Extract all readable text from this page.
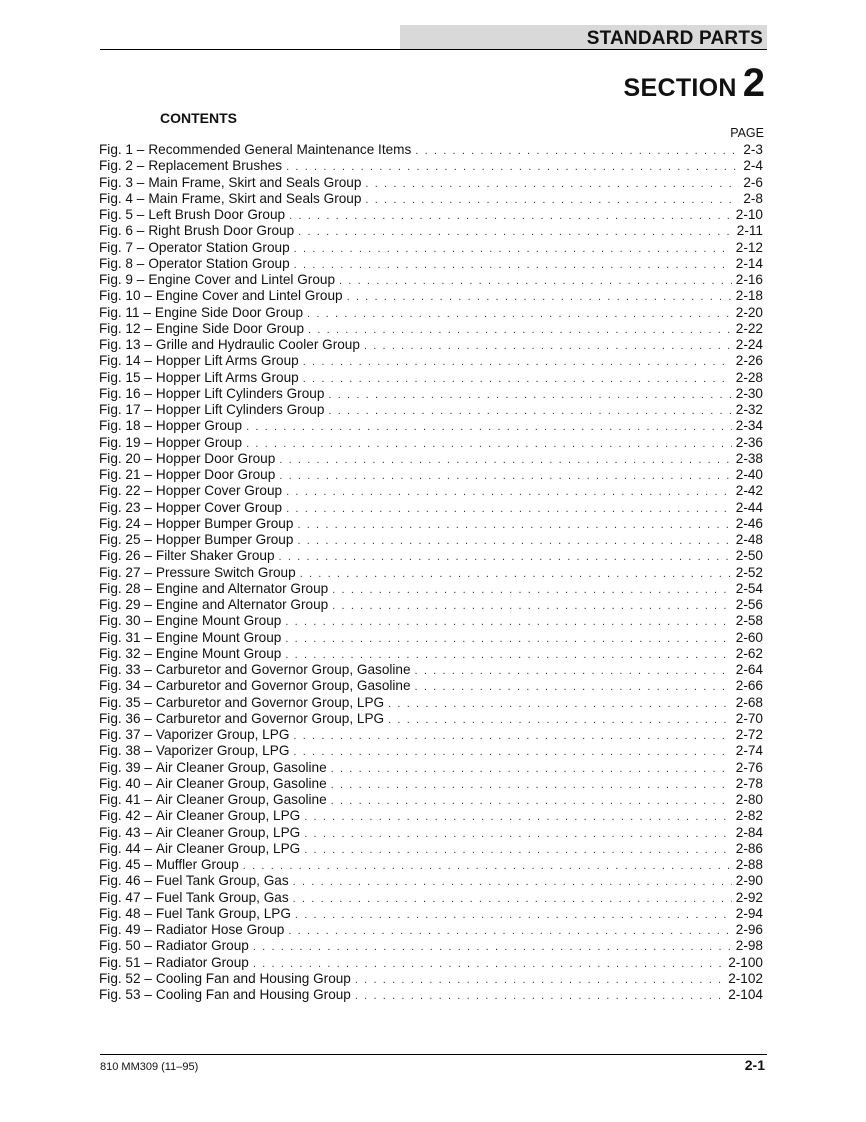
STANDARD PARTS
SECTION 2
CONTENTS
PAGE
Fig. 1 – Recommended General Maintenance Items . . .	2-3
Fig. 2 – Replacement Brushes . . .	2-4
Fig. 3 – Main Frame, Skirt and Seals Group . . .	2-6
Fig. 4 – Main Frame, Skirt and Seals Group . . .	2-8
Fig. 5 – Left Brush Door Group . . .	2-10
Fig. 6 – Right Brush Door Group . . .	2-11
Fig. 7 – Operator Station Group . . .	2-12
Fig. 8 – Operator Station Group . . .	2-14
Fig. 9 – Engine Cover and Lintel Group . . .	2-16
Fig. 10 – Engine Cover and Lintel Group . . .	2-18
Fig. 11 – Engine Side Door Group . . .	2-20
Fig. 12 – Engine Side Door Group . . .	2-22
Fig. 13 – Grille and Hydraulic Cooler Group . . .	2-24
Fig. 14 – Hopper Lift Arms Group . . .	2-26
Fig. 15 – Hopper Lift Arms Group . . .	2-28
Fig. 16 – Hopper Lift Cylinders Group . . .	2-30
Fig. 17 – Hopper Lift Cylinders Group . . .	2-32
Fig. 18 – Hopper Group . . .	2-34
Fig. 19 – Hopper Group . . .	2-36
Fig. 20 – Hopper Door Group . . .	2-38
Fig. 21 – Hopper Door Group . . .	2-40
Fig. 22 – Hopper Cover Group . . .	2-42
Fig. 23 – Hopper Cover Group . . .	2-44
Fig. 24 – Hopper Bumper Group . . .	2-46
Fig. 25 – Hopper Bumper Group . . .	2-48
Fig. 26 – Filter Shaker Group . . .	2-50
Fig. 27 – Pressure Switch Group . . .	2-52
Fig. 28 – Engine and Alternator Group . . .	2-54
Fig. 29 – Engine and Alternator Group . . .	2-56
Fig. 30 – Engine Mount Group . . .	2-58
Fig. 31 – Engine Mount Group . . .	2-60
Fig. 32 – Engine Mount Group . . .	2-62
Fig. 33 – Carburetor and Governor Group, Gasoline . . .	2-64
Fig. 34 – Carburetor and Governor Group, Gasoline . . .	2-66
Fig. 35 – Carburetor and Governor Group, LPG . . .	2-68
Fig. 36 – Carburetor and Governor Group, LPG . . .	2-70
Fig. 37 – Vaporizer Group, LPG . . .	2-72
Fig. 38 – Vaporizer Group, LPG . . .	2-74
Fig. 39 – Air Cleaner Group, Gasoline . . .	2-76
Fig. 40 – Air Cleaner Group, Gasoline . . .	2-78
Fig. 41 – Air Cleaner Group, Gasoline . . .	2-80
Fig. 42 – Air Cleaner Group, LPG . . .	2-82
Fig. 43 – Air Cleaner Group, LPG . . .	2-84
Fig. 44 – Air Cleaner Group, LPG . . .	2-86
Fig. 45 – Muffler Group . . .	2-88
Fig. 46 – Fuel Tank Group, Gas . . .	2-90
Fig. 47 – Fuel Tank Group, Gas . . .	2-92
Fig. 48 – Fuel Tank Group, LPG . . .	2-94
Fig. 49 – Radiator Hose Group . . .	2-96
Fig. 50 – Radiator Group . . .	2-98
Fig. 51 – Radiator Group . . .	2-100
Fig. 52 – Cooling Fan and Housing Group . . .	2-102
Fig. 53 – Cooling Fan and Housing Group . . .	2-104
810 MM309 (11–95)	2-1
